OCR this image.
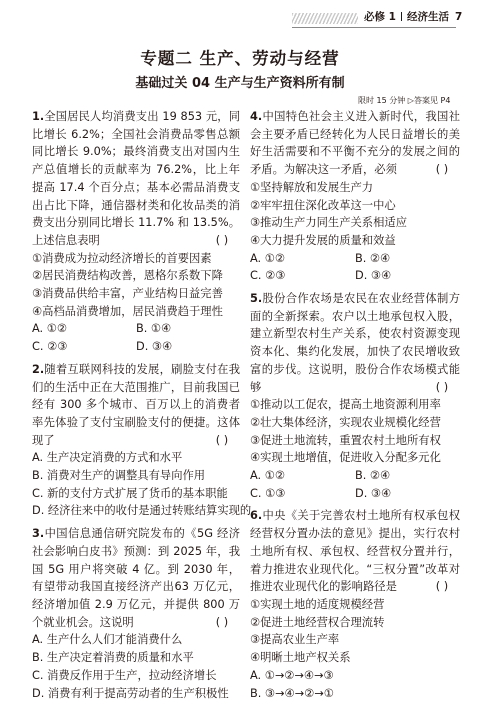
必修 1 经济生活 7
专题二 生产、劳动与经营
基础过关 04 生产与生产资料所有制
限时 15 分钟 ▷答案见 P4
1.全国居民人均消费支出 19 853 元，同比增长 6.2%；全国社会消费品零售总额同比增长 9.0%；最终消费支出对国内生产总值增长的贡献率为 76.2%，比上年提高 17.4 个百分点；基本必需品消费支出占比下降，通信器材类和化妆品类的消费支出分别同比增长 11.7% 和 13.5%。上述信息表明	( )
①消费成为拉动经济增长的首要因素
②居民消费结构改善，恩格尔系数下降
③消费品供给丰富，产业结构日益完善
④高档品消费增加，居民消费趋于理性
A. ①②	B. ①④
C. ②③	D. ③④
2.随着互联网科技的发展，刷脸支付在我们的生活中正在大范围推广，目前我国已经有 300 多个城市、百万以上的消费者率先体验了支付宝刷脸支付的便捷。这体现了	( )
A. 生产决定消费的方式和水平
B. 消费对生产的调整具有导向作用
C. 新的支付方式扩展了货币的基本职能
D. 经济往来中的收付是通过转账结算实现的
3.中国信息通信研究院发布的《5G 经济社会影响白皮书》预测：到 2025 年，我国 5G 用户将突破 4 亿。到 2030 年，有望带动我国直接经济产出63 万亿元，经济增加值 2.9 万亿元，并提供 800 万个就业机会。这说明	( )
A. 生产什么人们才能消费什么
B. 生产决定着消费的质量和水平
C. 消费反作用于生产，拉动经济增长
D. 消费有利于提高劳动者的生产积极性
4.中国特色社会主义进入新时代，我国社会主要矛盾已经转化为人民日益增长的美好生活需要和不平衡不充分的发展之间的矛盾。为解决这一矛盾，必须	( )
①坚持解放和发展生产力
②牢牢扭住深化改革这一中心
③推动生产力同生产关系相适应
④大力提升发展的质量和效益
A. ①②	B. ②④
C. ②③	D. ③④
5.股份合作农场是农民在农业经营体制方面的全新探索。农户以土地承包权入股，建立新型农村生产关系，使农村资源变现资本化、集约化发展，加快了农民增收致富的步伐。这说明，股份合作农场模式能够	( )
①推动以工促农，提高土地资源利用率
②壮大集体经济，实现农业规模化经营
③促进土地流转，重置农村土地所有权
④实现土地增值，促进收入分配多元化
A. ①②	B. ②④
C. ①③	D. ③④
6.中央《关于完善农村土地所有权承包权经营权分置办法的意见》提出，实行农村土地所有权、承包权、经营权分置并行，着力推进农业现代化。“三权分置”改革对推进农业现代化的影响路径是	( )
①实现土地的适度规模经营
②促进土地经营权合理流转
③提高农业生产率
④明晰土地产权关系
A. ①→②→④→③
B. ③→④→②→①
